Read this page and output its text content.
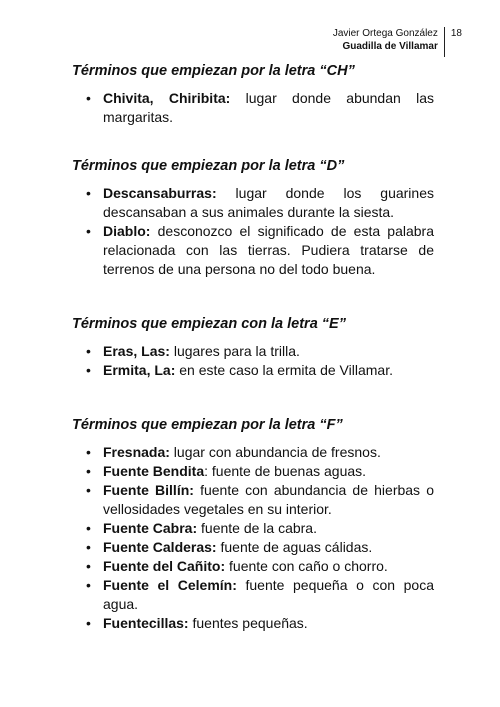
Javier Ortega González
Guadilla de Villamar
18

Términos que empiezan por la letra “CH”

• Chivita, Chiribita: lugar donde abundan las margaritas.

Términos que empiezan por la letra “D”

• Descansaburras: lugar donde los guarines descansaban a sus animales durante la siesta.
• Diablo: desconozco el significado de esta palabra relacionada con las tierras. Pudiera tratarse de terrenos de una persona no del todo buena.

Términos que empiezan con la letra “E”

• Eras, Las: lugares para la trilla.
• Ermita, La: en este caso la ermita de Villamar.

Términos que empiezan por la letra “F”

• Fresnada: lugar con abundancia de fresnos.
• Fuente Bendita: fuente de buenas aguas.
• Fuente Billín: fuente con abundancia de hierbas o vellosidades vegetales en su interior.
• Fuente Cabra: fuente de la cabra.
• Fuente Calderas: fuente de aguas cálidas.
• Fuente del Cañito: fuente con caño o chorro.
• Fuente el Celemín: fuente pequeña o con poca agua.
• Fuentecillas: fuentes pequeñas.
